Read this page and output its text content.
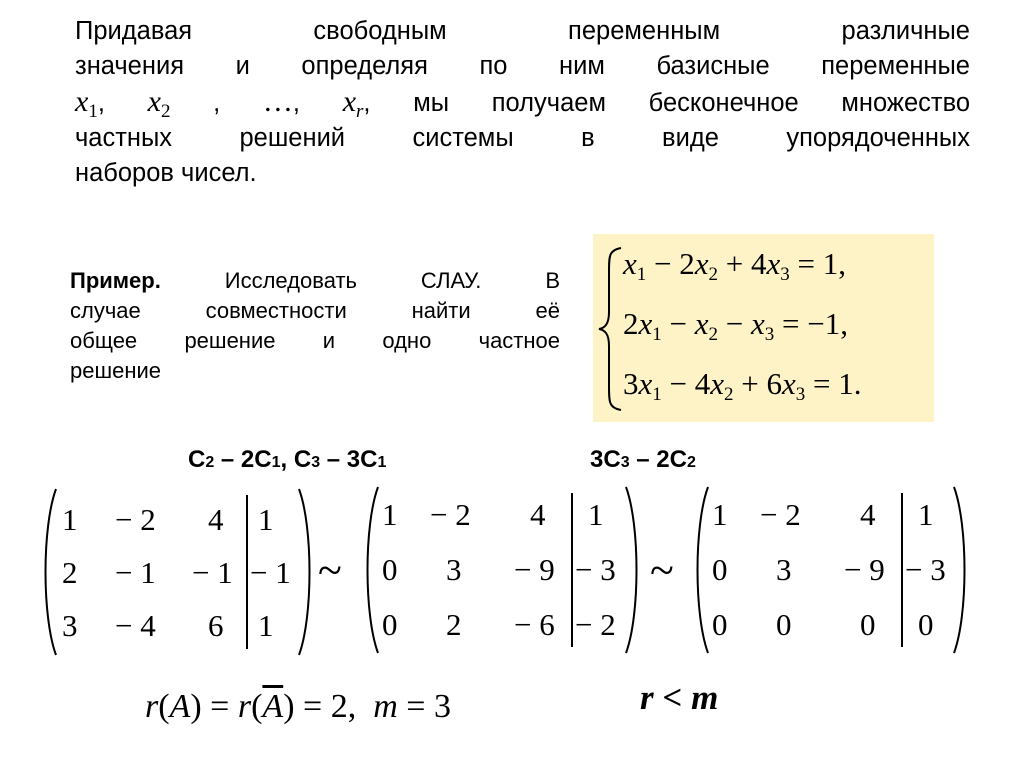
Придавая свободным переменным различные
значения и определяя по ним базисные переменные
$x_1$, $x_2$ , …, $x_r$, мы получаем бесконечное множество
частных решений системы в виде упорядоченных
наборов чисел.
Пример.	Исследовать СЛАУ. В
случае совместности найти её
общее решение и одно частное
решение
x1 − 2x2 + 4x3 = 1,
2x1 − x2 − x3 = −1,
3x1 − 4x2 + 6x3 = 1.
C2 – 2C1, C3 – 3C1	3C3 – 2C2
1 − 2 4 1
2 − 1 − 1 − 1
3 − 4 6 1
~
1 − 2 4 1
0 3 − 9 − 3
0 2 − 6 − 2
~
1 − 2 4 1
0 3 − 9 − 3
0 0 0 0
$r(A) = r(\overline{A}) = 2$, m = 3	r < m
